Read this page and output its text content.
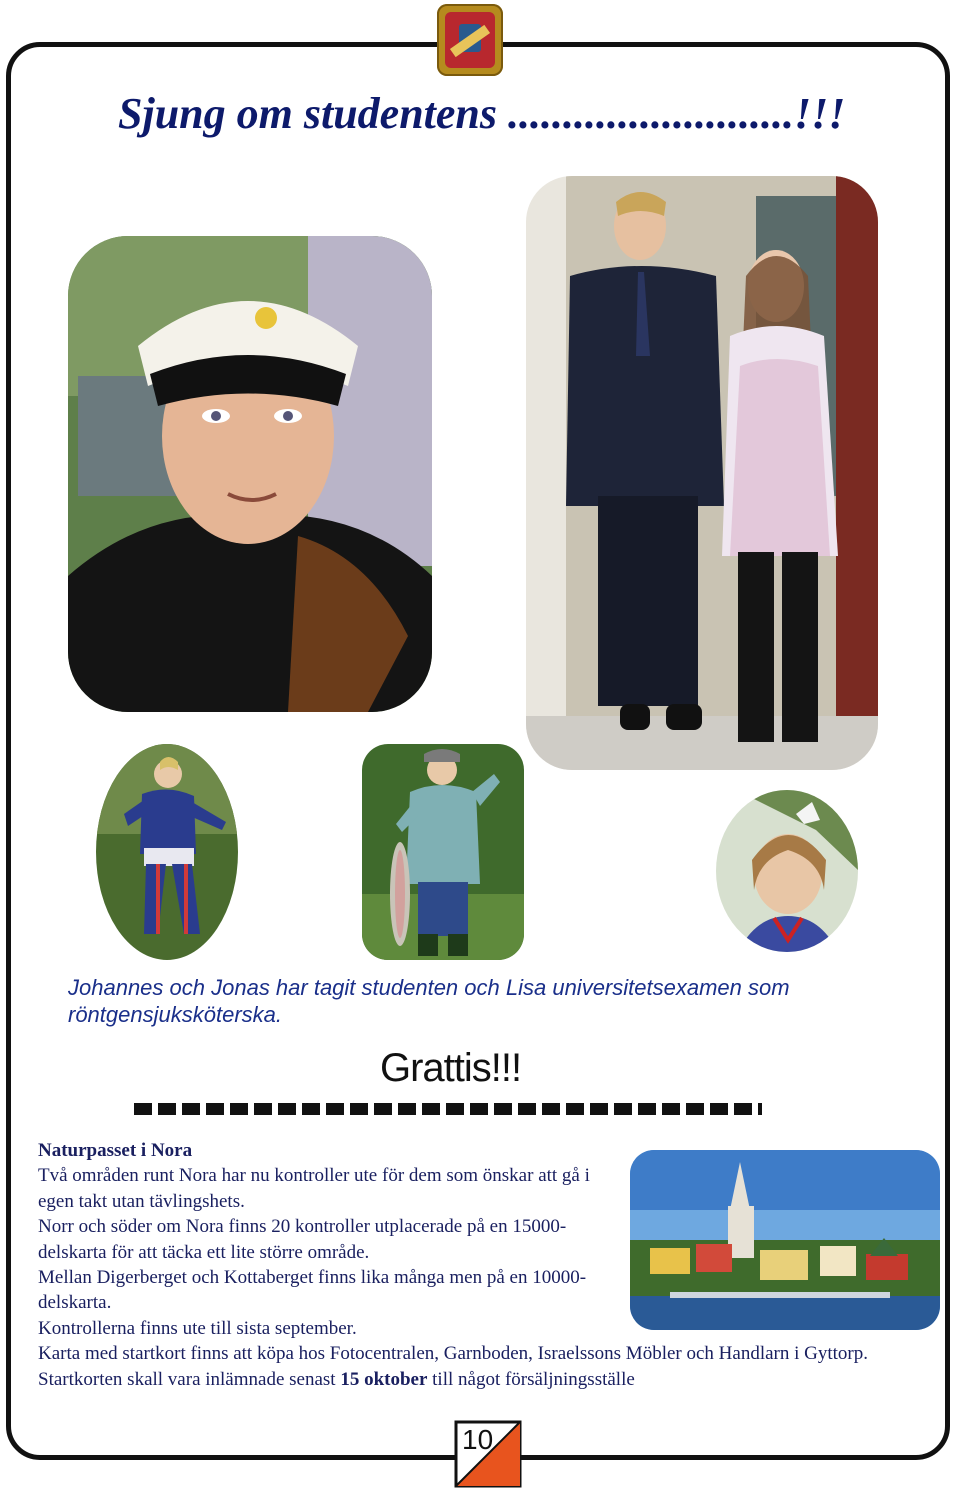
Sjung om studentens ..........................!!!
Johannes och Jonas har tagit studenten och Lisa universitetsexamen som röntgensjuksköterska.
Grattis!!!

Naturpasset i Nora

Två områden runt Nora har nu kontroller ute för dem som önskar att gå i egen takt utan tävlingshets.

Norr och söder om Nora finns 20 kontroller utplacerade på en 15000-delskarta för att täcka ett lite större område.

Mellan Digerberget och Kottaberget finns lika många men på en 10000-delskarta.

Kontrollerna finns ute till sista september.

Karta med startkort finns att köpa hos Fotocentralen, Garnboden, Israelssons Möbler och Handlarn i Gyttorp.

Startkorten skall vara inlämnade senast 15 oktober till något försäljningsställe

10
